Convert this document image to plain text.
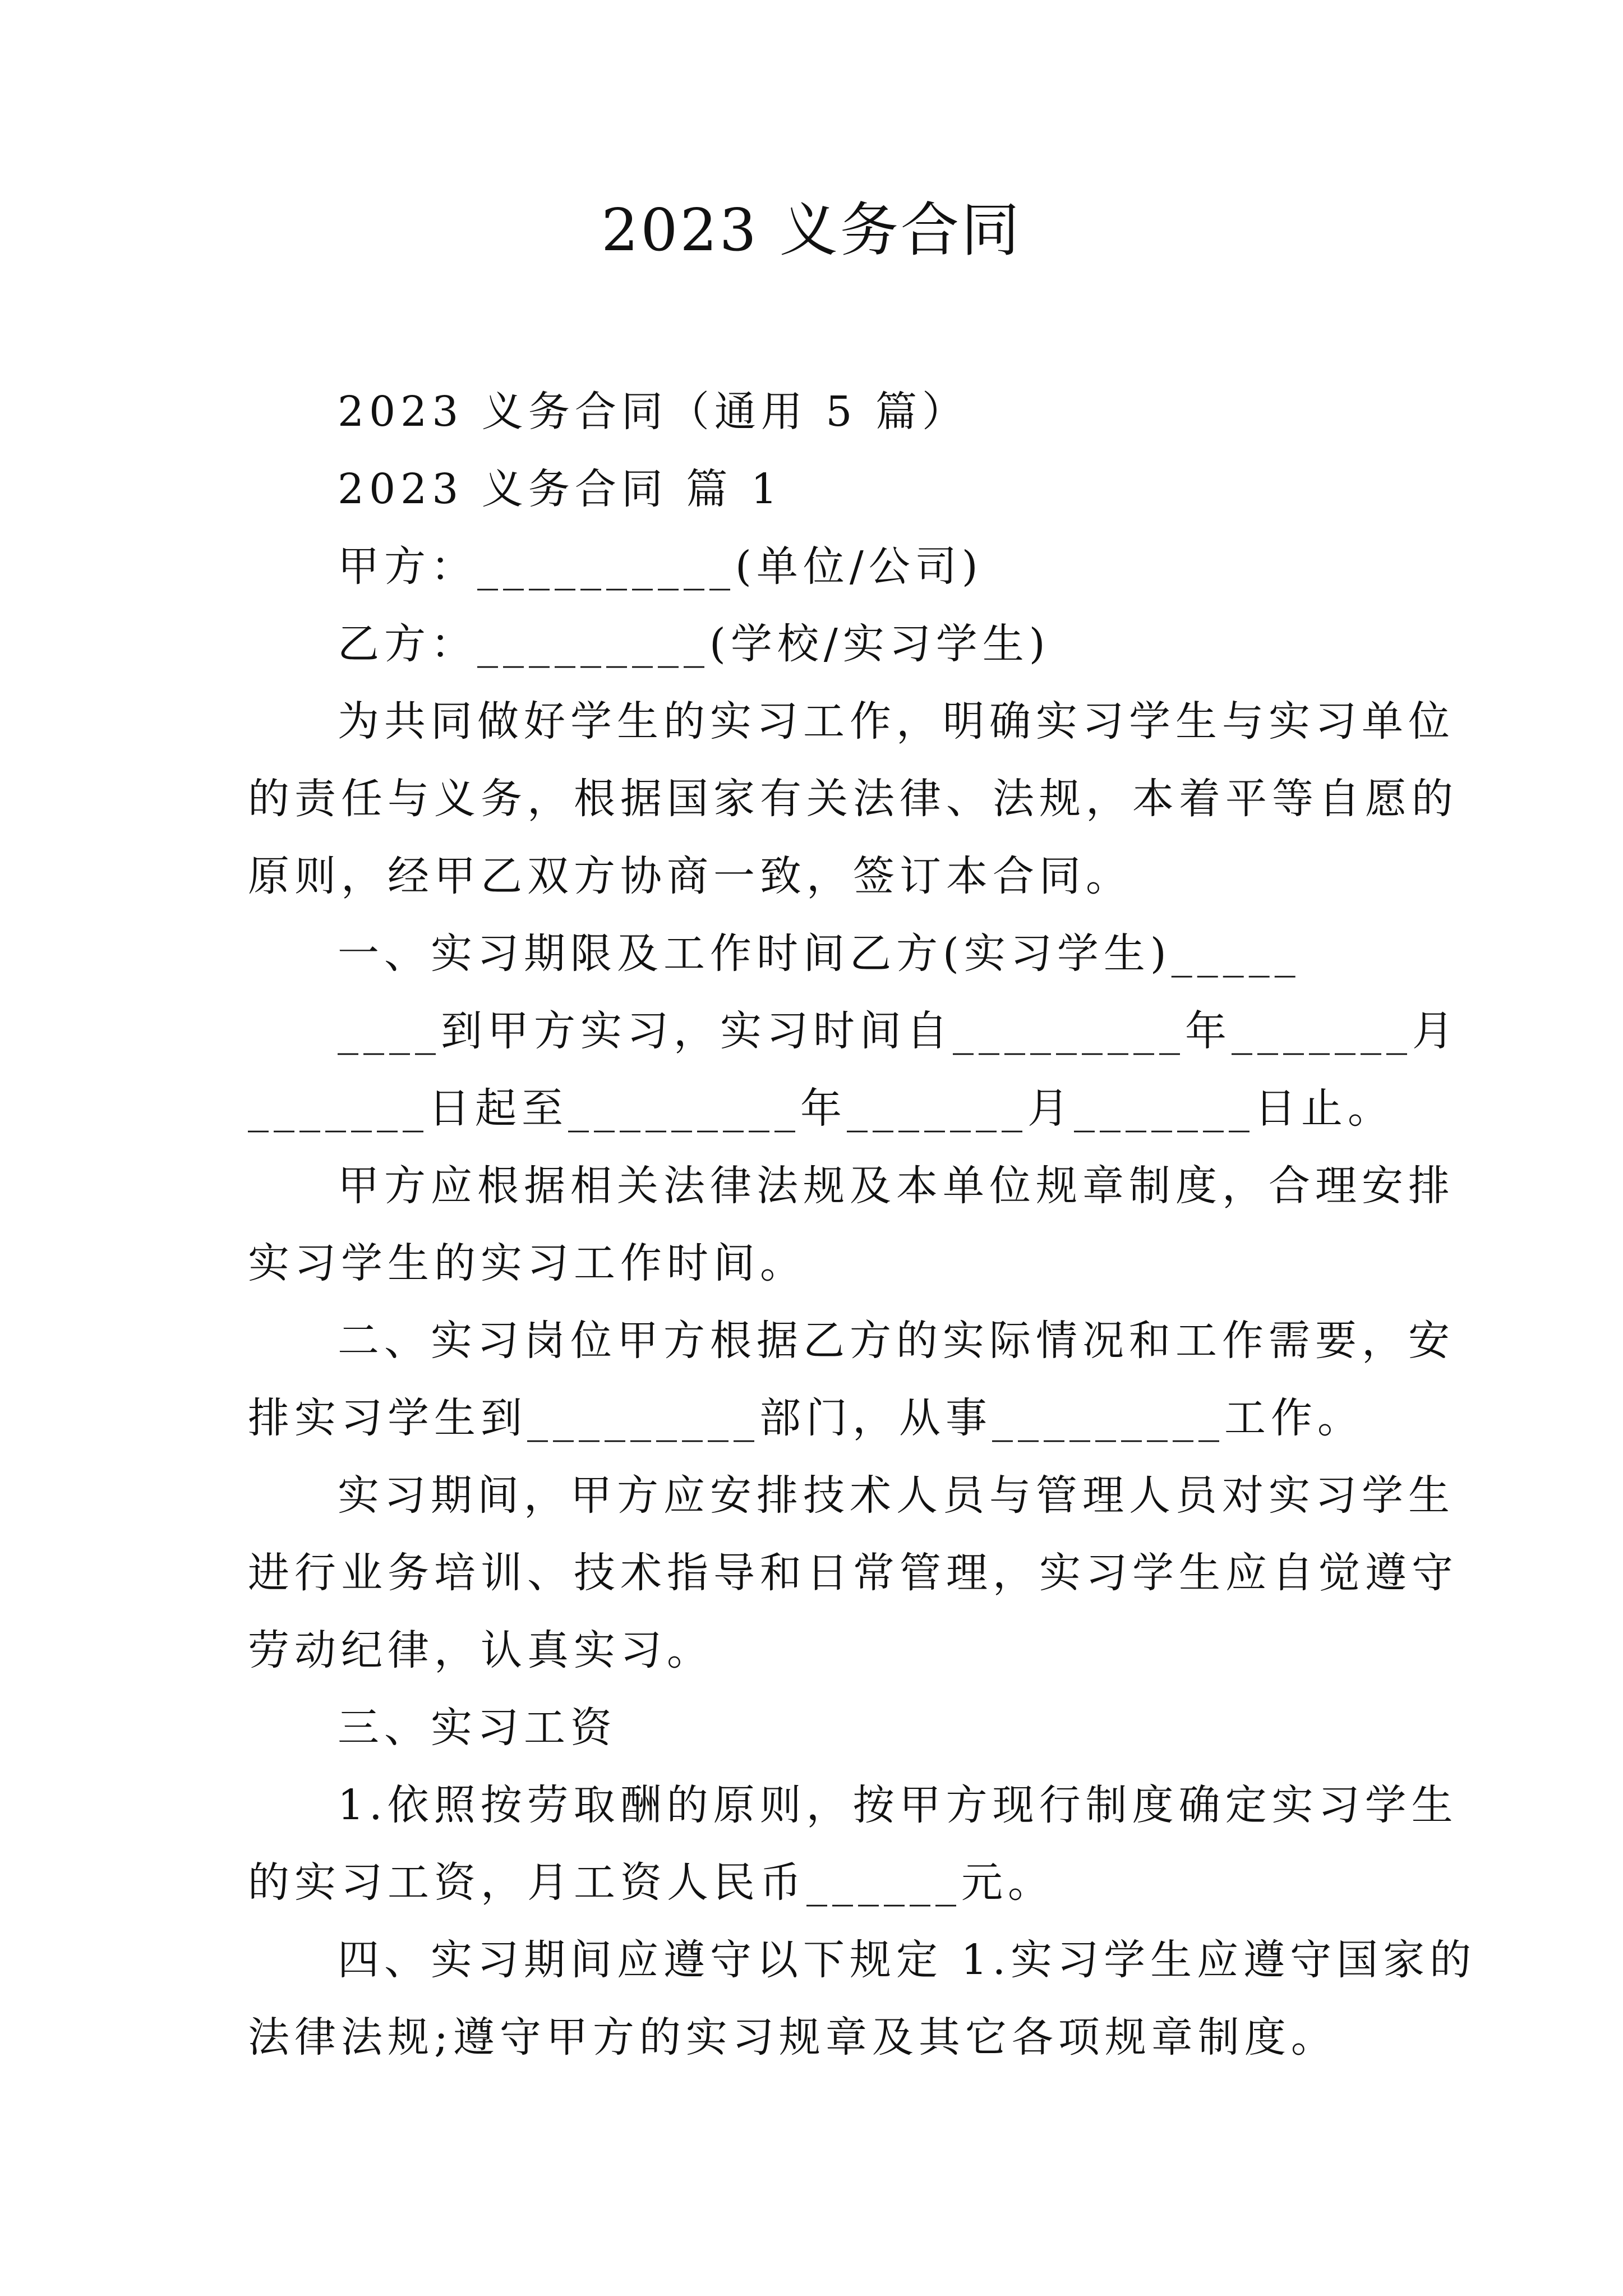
2023 义务合同

2023 义务合同（通用 5 篇）

2023 义务合同 篇 1

甲方：__________(单位/公司)

乙方：_________(学校/实习学生)

为共同做好学生的实习工作，明确实习学生与实习单位

的责任与义务，根据国家有关法律、法规，本着平等自愿的

原则，经甲乙双方协商一致，签订本合同。

一、实习期限及工作时间乙方(实习学生)_____

____到甲方实习，实习时间自_________年_______月

_______日起至_________年_______月_______日止。

甲方应根据相关法律法规及本单位规章制度，合理安排

实习学生的实习工作时间。

二、实习岗位甲方根据乙方的实际情况和工作需要，安

排实习学生到_________部门，从事_________工作。

实习期间，甲方应安排技术人员与管理人员对实习学生

进行业务培训、技术指导和日常管理，实习学生应自觉遵守

劳动纪律，认真实习。

三、实习工资

1.依照按劳取酬的原则，按甲方现行制度确定实习学生

的实习工资，月工资人民币______元。

四、实习期间应遵守以下规定 1.实习学生应遵守国家的

法律法规;遵守甲方的实习规章及其它各项规章制度。
